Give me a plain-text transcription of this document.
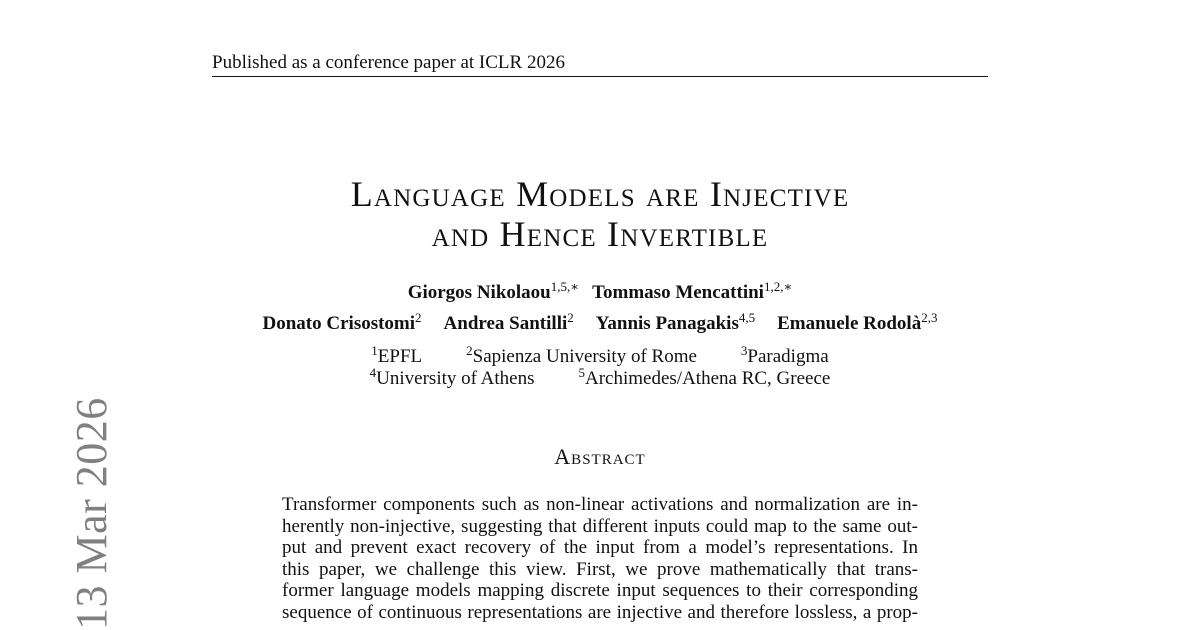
Published as a conference paper at ICLR 2026
13 Mar 2026
Language Models are Injective
and Hence Invertible
Giorgos Nikolaou$^{1,5,∗}$ Tommaso Mencattini$^{1,2,∗}$
Donato Crisostomi$^2$ Andrea Santilli$^2$ Yannis Panagakis$^{4,5}$ Emanuele Rodolà$^{2,3}$
$^1$EPFL	$^2$Sapienza University of Rome	$^3$Paradigma
$^4$University of Athens	$^5$Archimedes/Athena RC, Greece
Abstract
Transformer components such as non-linear activations and normalization are in-
herently non-injective, suggesting that different inputs could map to the same out-
put and prevent exact recovery of the input from a model’s representations. In
this paper, we challenge this view. First, we prove mathematically that trans-
former language models mapping discrete input sequences to their corresponding
sequence of continuous representations are injective and therefore lossless, a prop-
